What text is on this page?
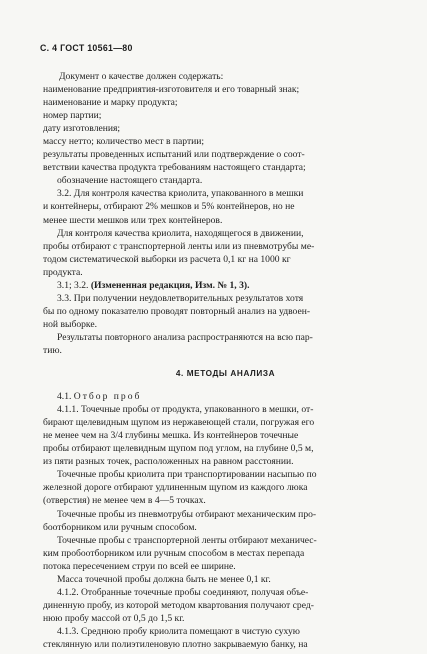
С. 4 ГОСТ 10561—80

Документ о качестве должен содержать:

наименование предприятия-изготовителя и его товарный знак;
наименование и марку продукта;
номер партии;
дату изготовления;
массу нетто; количество мест в партии;
результаты проведенных испытаний или подтверждение о соот-
ветствии качества продукта требованиям настоящего стандарта;
обозначение настоящего стандарта.

3.2. Для контроля качества криолита, упакованного в мешки

и контейнеры, отбирают 2% мешков и 5% контейнеров, но не
менее шести мешков или трех контейнеров.
Для контроля качества криолита, находящегося в движении,
пробы отбирают с транспортерной ленты или из пневмотрубы ме-
тодом систематической выборки из расчета 0,1 кг на 1000 кг
продукта.

3.1; 3.2. (Измененная редакция, Изм. № 1, 3).

3.3. При получении неудовлетворительных результатов хотя
бы по одному показателю проводят повторный анализ на удвоен-
ной выборке.
Результаты повторного анализа распространяются на всю пар-
тию.

4. МЕТОДЫ АНАЛИЗА

4.1. Отбор проб

4.1.1. Точечные пробы от продукта, упакованного в мешки, от-
бирают щелевидным щупом из нержавеющей стали, погружая его
не менее чем на 3/4 глубины мешка. Из контейнеров точечные
пробы отбирают щелевидным щупом под углом, на глубине 0,5 м,
из пяти разных точек, расположенных на равном расстоянии.
Точечные пробы криолита при транспортировании насыпью по
железной дороге отбирают удлиненным щупом из каждого люка
(отверстия) не менее чем в 4—5 точках.
Точечные пробы из пневмотрубы отбирают механическим про-
боотборником или ручным способом.
Точечные пробы с транспортерной ленты отбирают механичес-
ким пробоотборником или ручным способом в местах перепада
потока пересечением струи по всей ее ширине.
Масса точечной пробы должна быть не менее 0,1 кг.
4.1.2. Отобранные точечные пробы соединяют, получая объе-
диненную пробу, из которой методом квартования получают сред-
нюю пробу массой от 0,5 до 1,5 кг.
4.1.3. Среднюю пробу криолита помещают в чистую сухую
стеклянную или полиэтиленовую плотно закрываемую банку, на
